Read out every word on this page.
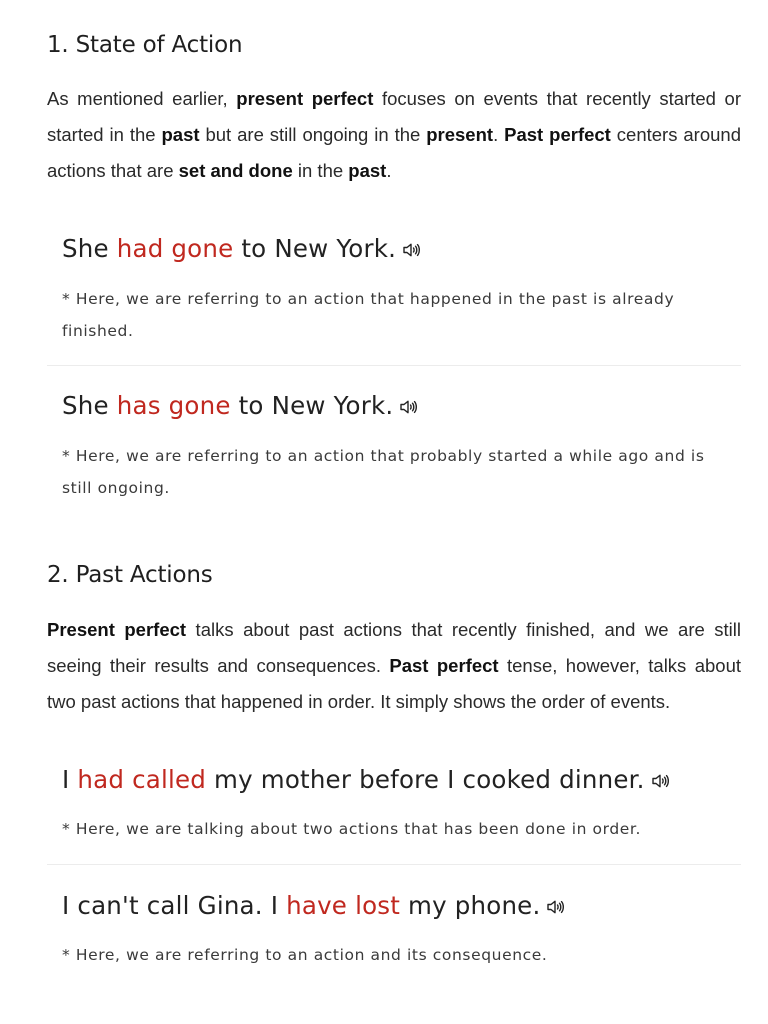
1. State of Action

As mentioned earlier, present perfect focuses on events that recently started or started in the past but are still ongoing in the present. Past perfect centers around actions that are set and done in the past.

She had gone to New York.

* Here, we are referring to an action that happened in the past is already finished.

She has gone to New York.

* Here, we are referring to an action that probably started a while ago and is still ongoing.

2. Past Actions

Present perfect talks about past actions that recently finished, and we are still seeing their results and consequences. Past perfect tense, however, talks about two past actions that happened in order. It simply shows the order of events.

I had called my mother before I cooked dinner.

* Here, we are talking about two actions that has been done in order.

I can't call Gina. I have lost my phone.

* Here, we are referring to an action and its consequence.
